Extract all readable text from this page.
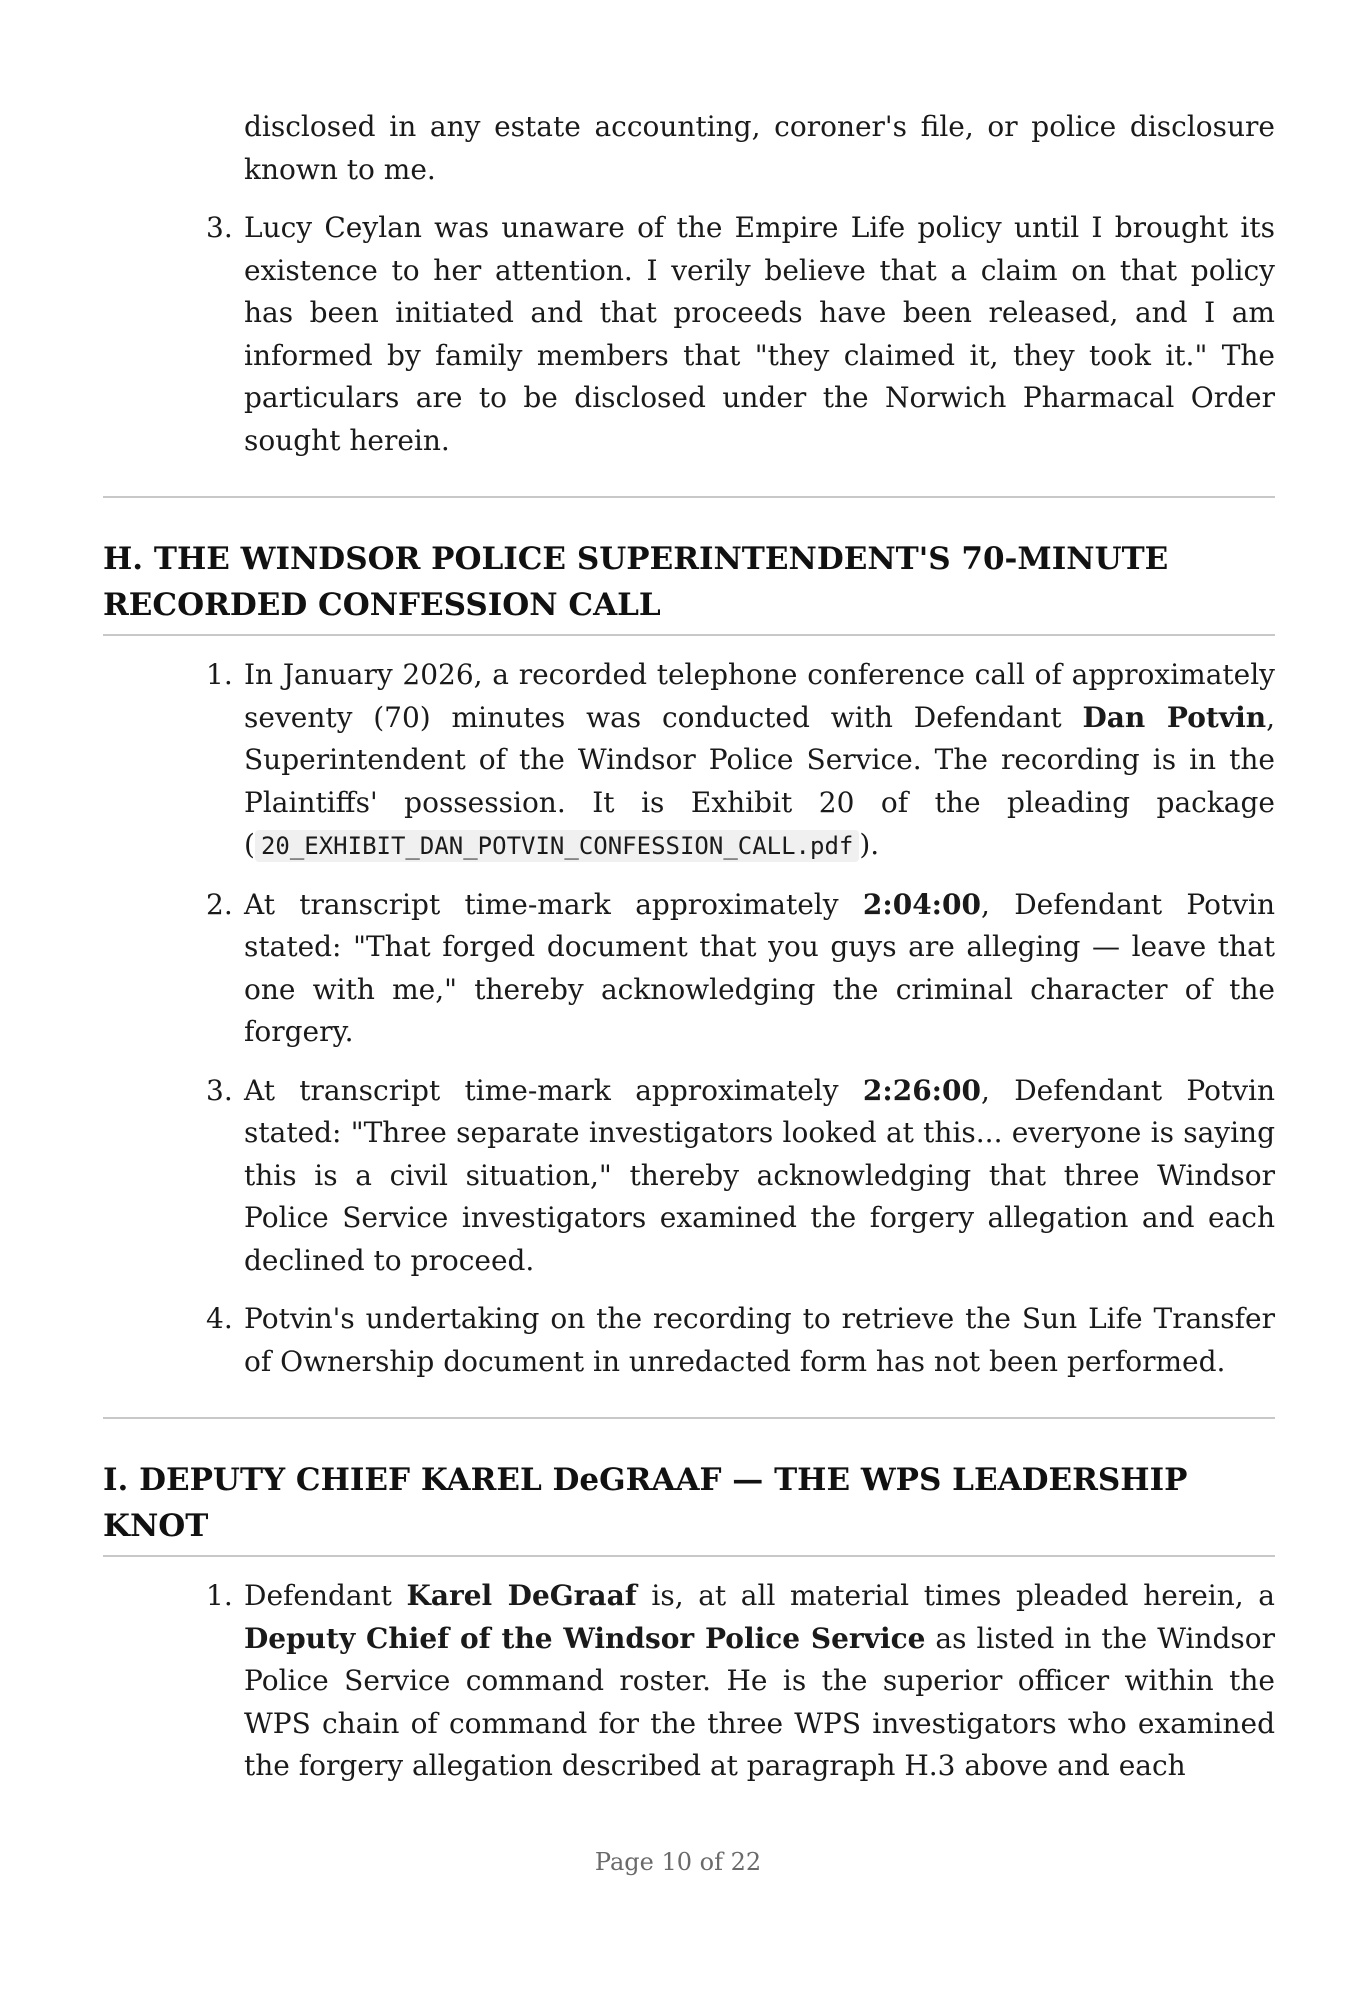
disclosed in any estate accounting, coroner's file, or police disclosure known to me.
3. Lucy Ceylan was unaware of the Empire Life policy until I brought its existence to her attention. I verily believe that a claim on that policy has been initiated and that proceeds have been released, and I am informed by family members that "they claimed it, they took it." The particulars are to be disclosed under the Norwich Pharmacal Order sought herein.
H. THE WINDSOR POLICE SUPERINTENDENT'S 70-MINUTE RECORDED CONFESSION CALL
1. In January 2026, a recorded telephone conference call of approximately seventy (70) minutes was conducted with Defendant Dan Potvin, Superintendent of the Windsor Police Service. The recording is in the Plaintiffs' possession. It is Exhibit 20 of the pleading package ( 20_EXHIBIT_DAN_POTVIN_CONFESSION_CALL.pdf ).
2. At transcript time-mark approximately 2:04:00, Defendant Potvin stated: "That forged document that you guys are alleging — leave that one with me," thereby acknowledging the criminal character of the forgery.
3. At transcript time-mark approximately 2:26:00, Defendant Potvin stated: "Three separate investigators looked at this... everyone is saying this is a civil situation," thereby acknowledging that three Windsor Police Service investigators examined the forgery allegation and each declined to proceed.
4. Potvin's undertaking on the recording to retrieve the Sun Life Transfer of Ownership document in unredacted form has not been performed.
I. DEPUTY CHIEF KAREL DeGRAAF — THE WPS LEADERSHIP KNOT
1. Defendant Karel DeGraaf is, at all material times pleaded herein, a Deputy Chief of the Windsor Police Service as listed in the Windsor Police Service command roster. He is the superior officer within the WPS chain of command for the three WPS investigators who examined the forgery allegation described at paragraph H.3 above and each
Page 10 of 22
